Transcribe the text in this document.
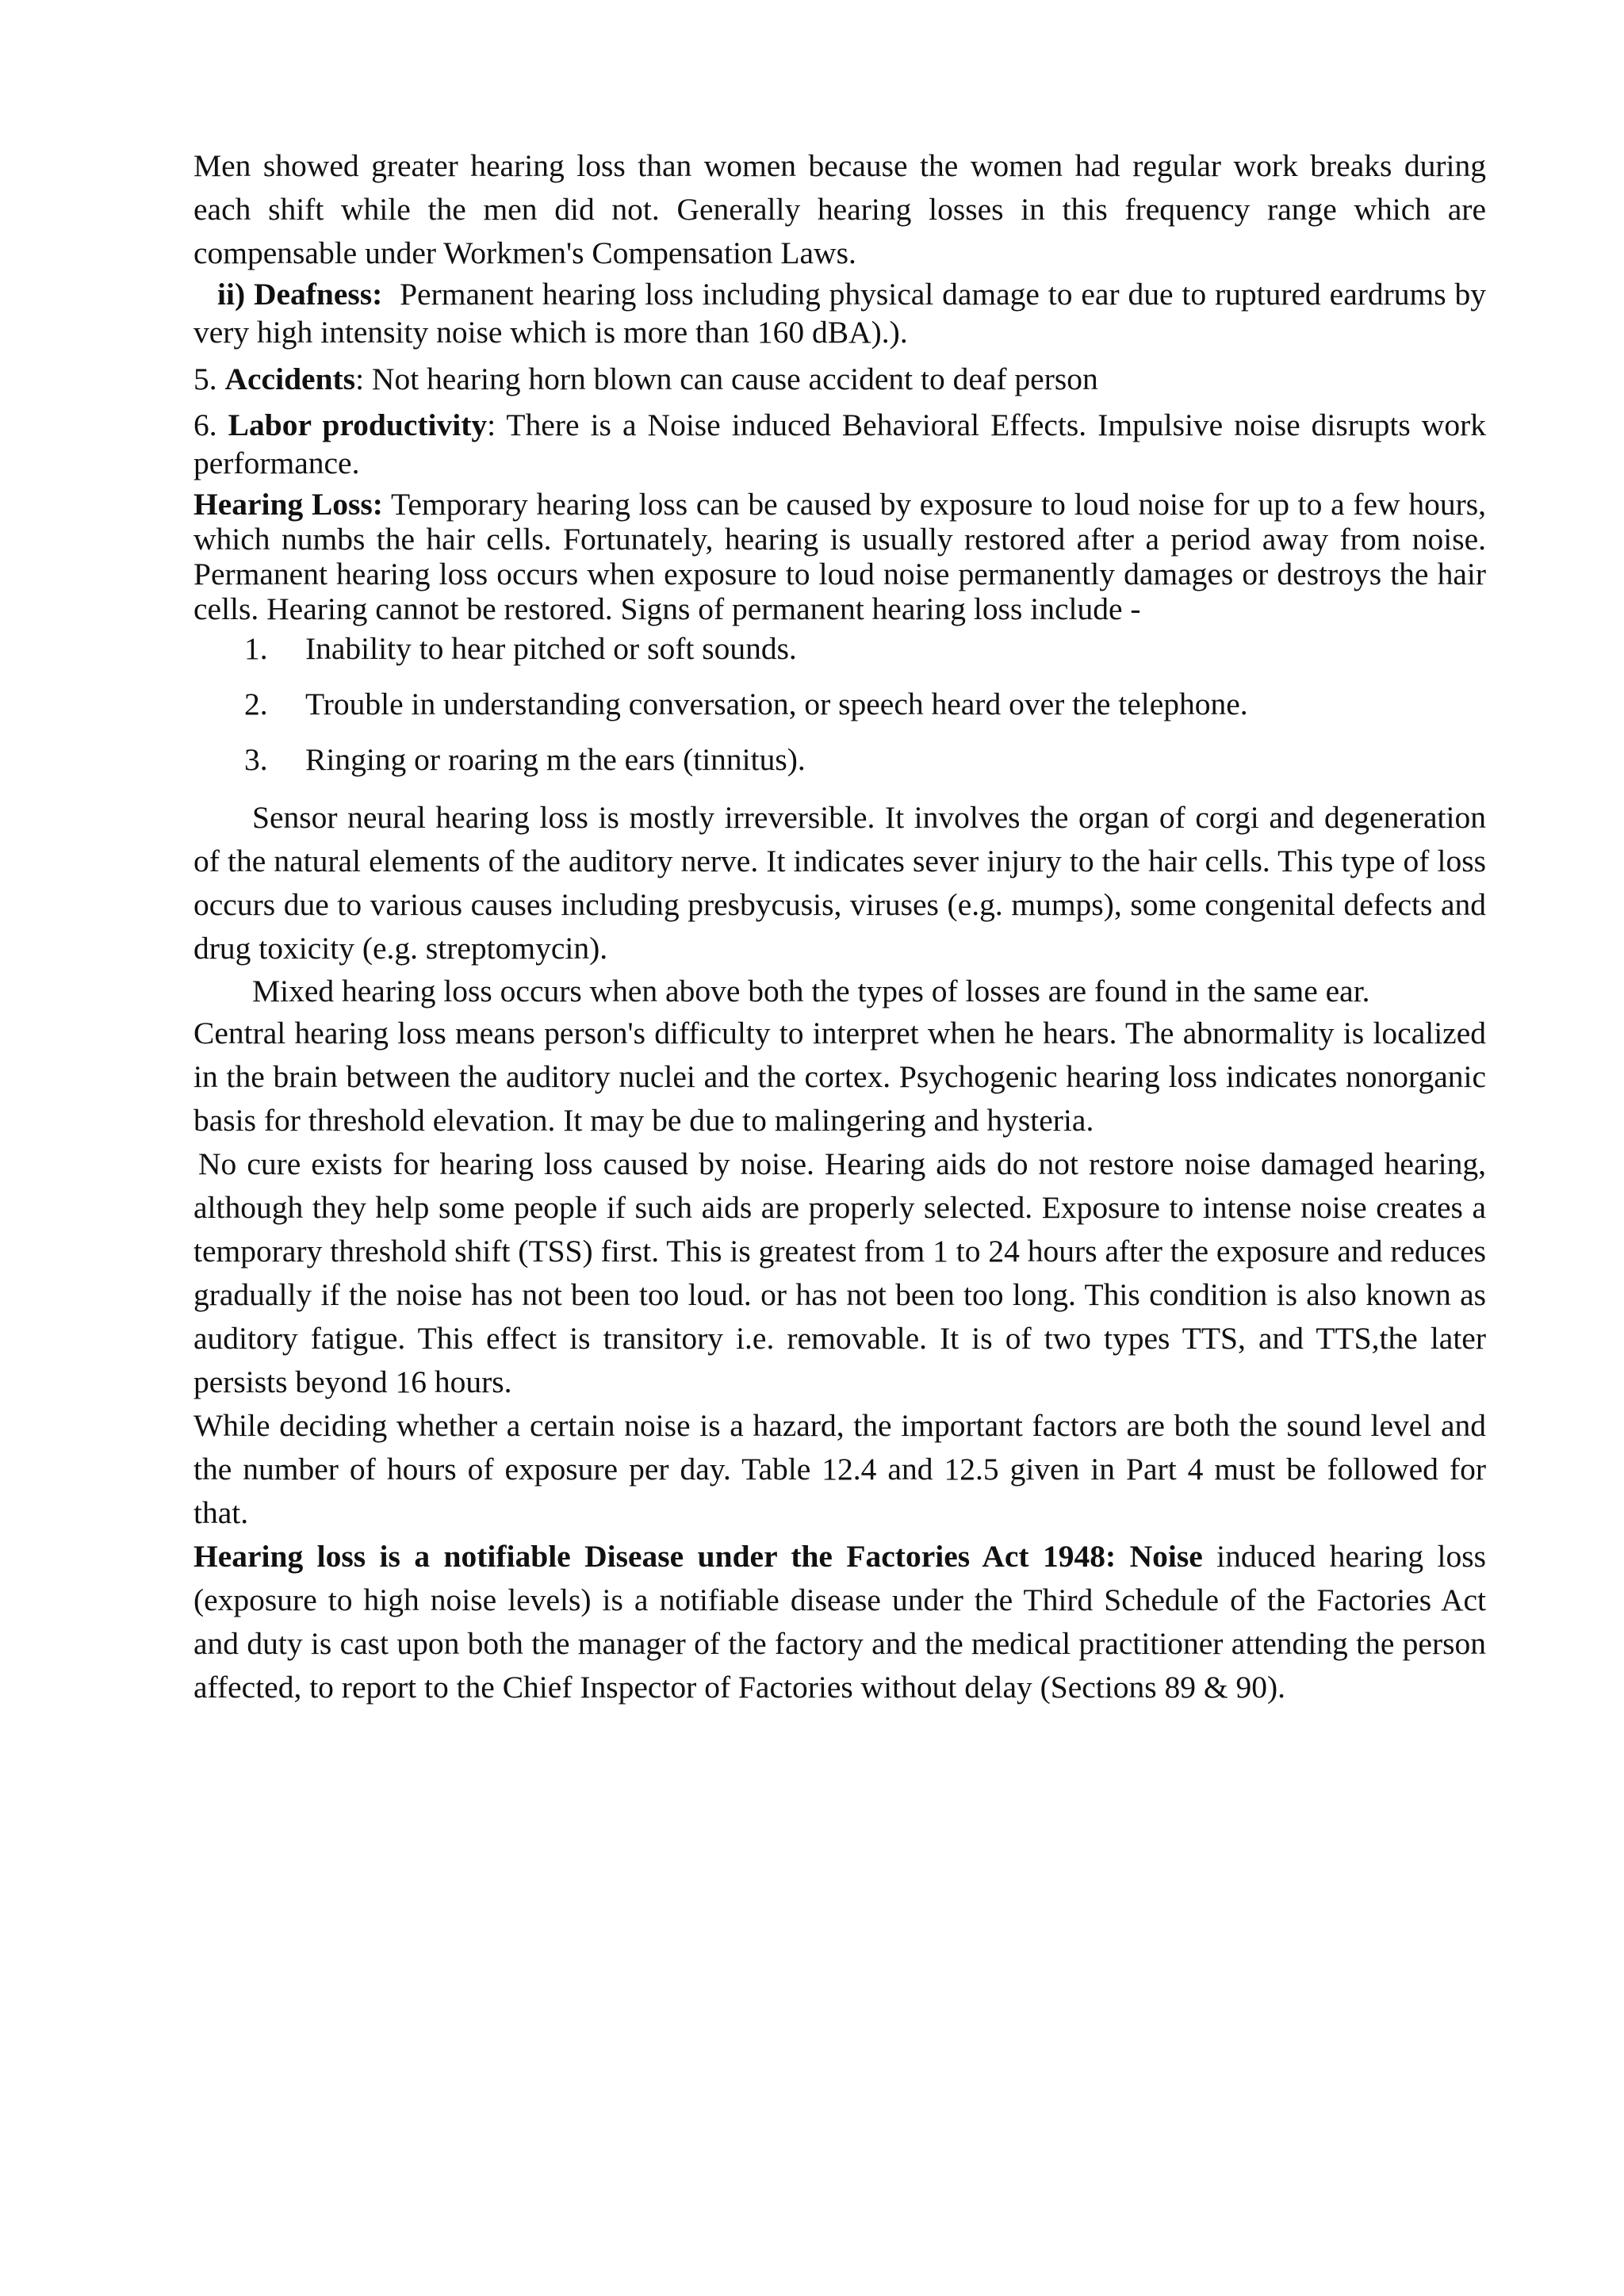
Men showed greater hearing loss than women because the women had regular work breaks during each shift while the men did not. Generally hearing losses in this frequency range which are compensable under Workmen's Compensation Laws.

ii) Deafness: Permanent hearing loss including physical damage to ear due to ruptured eardrums by very high intensity noise which is more than 160 dBA).).

5. Accidents: Not hearing horn blown can cause accident to deaf person

6. Labor productivity: There is a Noise induced Behavioral Effects. Impulsive noise disrupts work performance.

Hearing Loss: Temporary hearing loss can be caused by exposure to loud noise for up to a few hours, which numbs the hair cells. Fortunately, hearing is usually restored after a period away from noise. Permanent hearing loss occurs when exposure to loud noise permanently damages or destroys the hair cells. Hearing cannot be restored. Signs of permanent hearing loss include -

1.	Inability to hear pitched or soft sounds.
2.	Trouble in understanding conversation, or speech heard over the telephone.
3.	Ringing or roaring m the ears (tinnitus).

Sensor neural hearing loss is mostly irreversible. It involves the organ of corgi and degeneration of the natural elements of the auditory nerve. It indicates sever injury to the hair cells. This type of loss occurs due to various causes including presbycusis, viruses (e.g. mumps), some congenital defects and drug toxicity (e.g. streptomycin).

Mixed hearing loss occurs when above both the types of losses are found in the same ear.

Central hearing loss means person's difficulty to interpret when he hears. The abnormality is localized in the brain between the auditory nuclei and the cortex. Psychogenic hearing loss indicates nonorganic basis for threshold elevation. It may be due to malingering and hysteria.

No cure exists for hearing loss caused by noise. Hearing aids do not restore noise damaged hearing, although they help some people if such aids are properly selected. Exposure to intense noise creates a temporary threshold shift (TSS) first. This is greatest from 1 to 24 hours after the exposure and reduces gradually if the noise has not been too loud. or has not been too long. This condition is also known as auditory fatigue. This effect is transitory i.e. removable. It is of two types TTS, and TTS,the later persists beyond 16 hours.

While deciding whether a certain noise is a hazard, the important factors are both the sound level and the number of hours of exposure per day. Table 12.4 and 12.5 given in Part 4 must be followed for that.

Hearing loss is a notifiable Disease under the Factories Act 1948: Noise induced hearing loss (exposure to high noise levels) is a notifiable disease under the Third Schedule of the Factories Act and duty is cast upon both the manager of the factory and the medical practitioner attending the person affected, to report to the Chief Inspector of Factories without delay (Sections 89 & 90).
